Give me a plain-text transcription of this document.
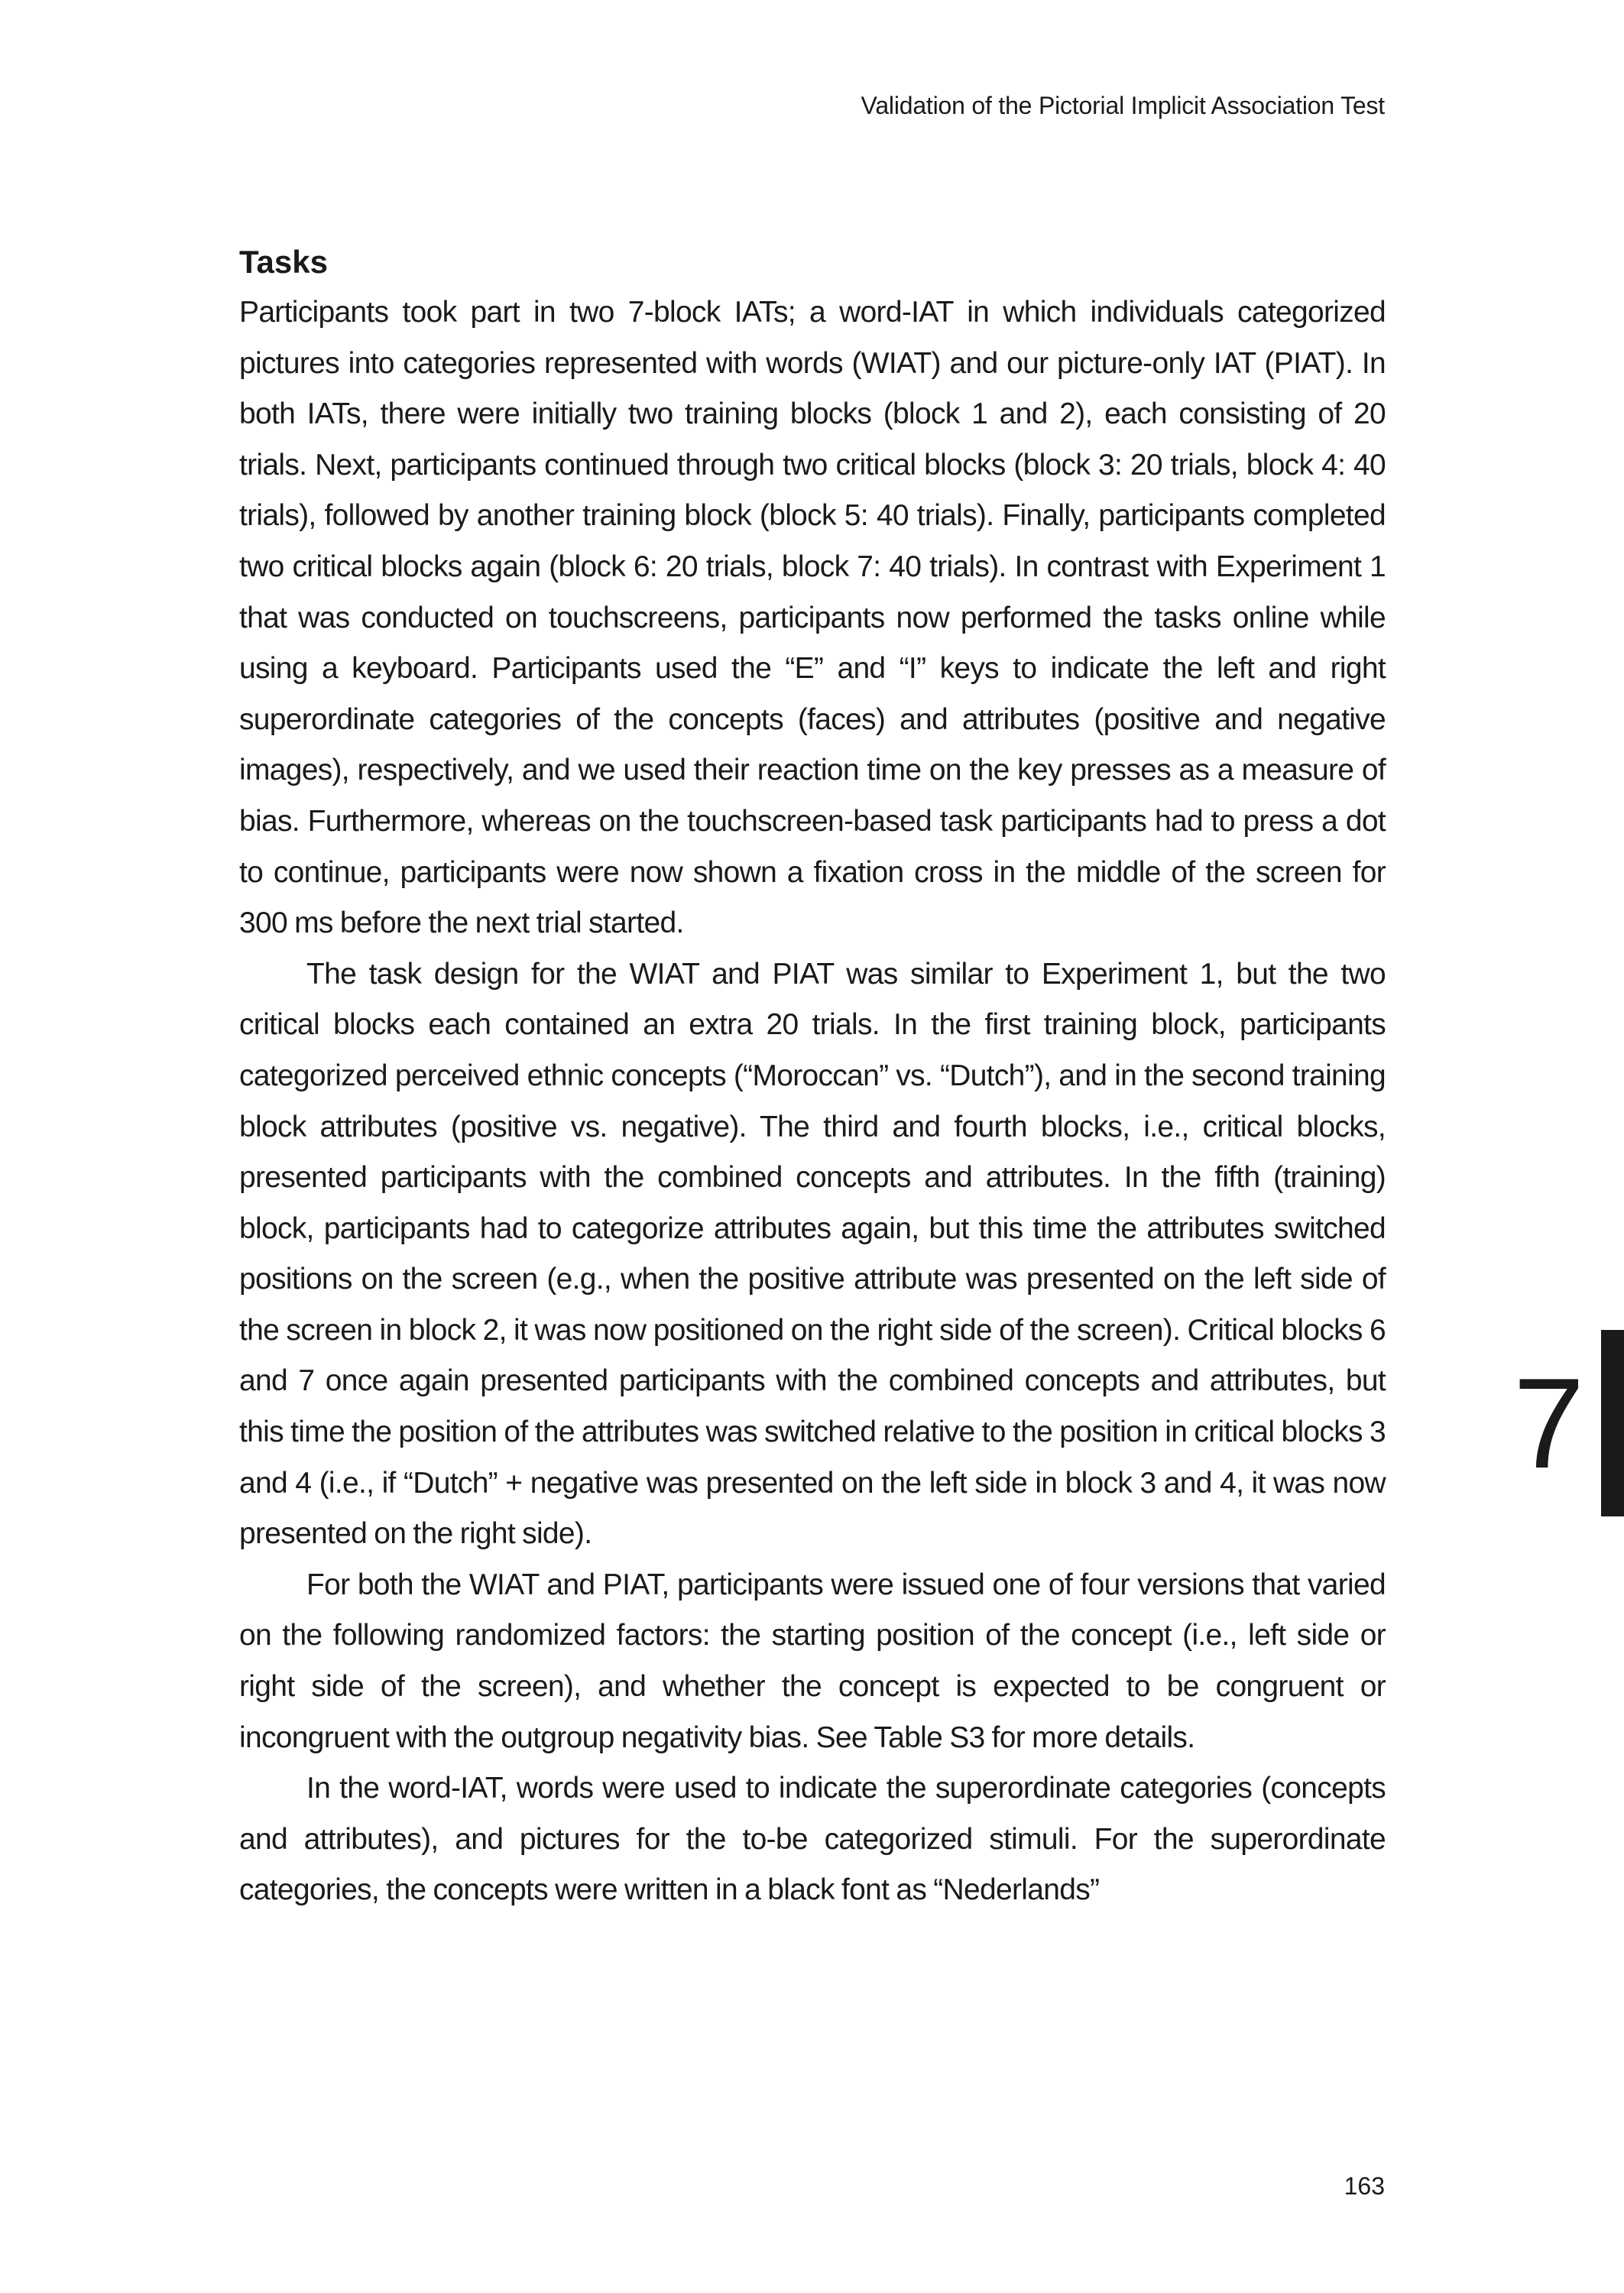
Validation of the Pictorial Implicit Association Test
Tasks

Participants took part in two 7-block IATs; a word-IAT in which individuals categorized pictures into categories represented with words (WIAT) and our picture-only IAT (PIAT). In both IATs, there were initially two training blocks (block 1 and 2), each consisting of 20 trials. Next, participants continued through two critical blocks (block 3: 20 trials, block 4: 40 trials), followed by another training block (block 5: 40 trials). Finally, participants completed two critical blocks again (block 6: 20 trials, block 7: 40 trials). In contrast with Experiment 1 that was conducted on touchscreens, participants now performed the tasks online while using a keyboard. Participants used the “E” and “I” keys to indicate the left and right superordinate categories of the concepts (faces) and attributes (positive and negative images), respectively, and we used their reaction time on the key presses as a measure of bias. Furthermore, whereas on the touchscreen-based task participants had to press a dot to continue, participants were now shown a fixation cross in the middle of the screen for 300 ms before the next trial started.

The task design for the WIAT and PIAT was similar to Experiment 1, but the two critical blocks each contained an extra 20 trials. In the first training block, participants categorized perceived ethnic concepts (“Moroccan” vs. “Dutch”), and in the second training block attributes (positive vs. negative). The third and fourth blocks, i.e., critical blocks, presented participants with the combined concepts and attributes. In the fifth (training) block, participants had to categorize attributes again, but this time the attributes switched positions on the screen (e.g., when the positive attribute was presented on the left side of the screen in block 2, it was now positioned on the right side of the screen). Critical blocks 6 and 7 once again presented participants with the combined concepts and attributes, but this time the position of the attributes was switched relative to the position in critical blocks 3 and 4 (i.e., if “Dutch” + negative was presented on the left side in block 3 and 4, it was now presented on the right side).

For both the WIAT and PIAT, participants were issued one of four versions that varied on the following randomized factors: the starting position of the concept (i.e., left side or right side of the screen), and whether the concept is expected to be congruent or incongruent with the outgroup negativity bias. See Table S3 for more details.

In the word-IAT, words were used to indicate the superordinate categories (concepts and attributes), and pictures for the to-be categorized stimuli. For the superordinate categories, the concepts were written in a black font as “Nederlands”

7
163
